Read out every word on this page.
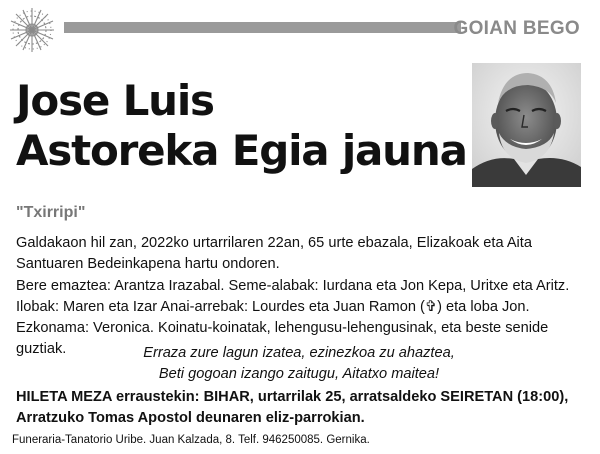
GOIAN BEGO
Jose Luis
Astoreka Egia jauna
"Txirripi"
Galdakaon hil zan, 2022ko urtarrilaren 22an, 65 urte ebazala, Elizakoak eta Aita Santuaren Bedeinkapena hartu ondoren.
Bere emaztea: Arantza Irazabal. Seme-alabak: Iurdana eta Jon Kepa, Uritxe eta Aritz. Ilobak: Maren eta Izar Anai-arrebak: Lourdes eta Juan Ramon (✞) eta loba Jon. Ezkonama: Veronica. Koinatu-koinatak, lehengusu-lehengusinak, eta beste senide guztiak.	Erraza zure lagun izatea, ezinezkoa zu ahaztea,
Beti gogoan izango zaitugu, Aitatxo maitea!
HILETA MEZA erraustekin: BIHAR, urtarrilak 25, arratsaldeko SEIRETAN (18:00), Arratzuko Tomas Apostol deunaren eliz-parrokian.
Funeraria-Tanatorio Uribe. Juan Kalzada, 8. Telf. 946250085. Gernika.
